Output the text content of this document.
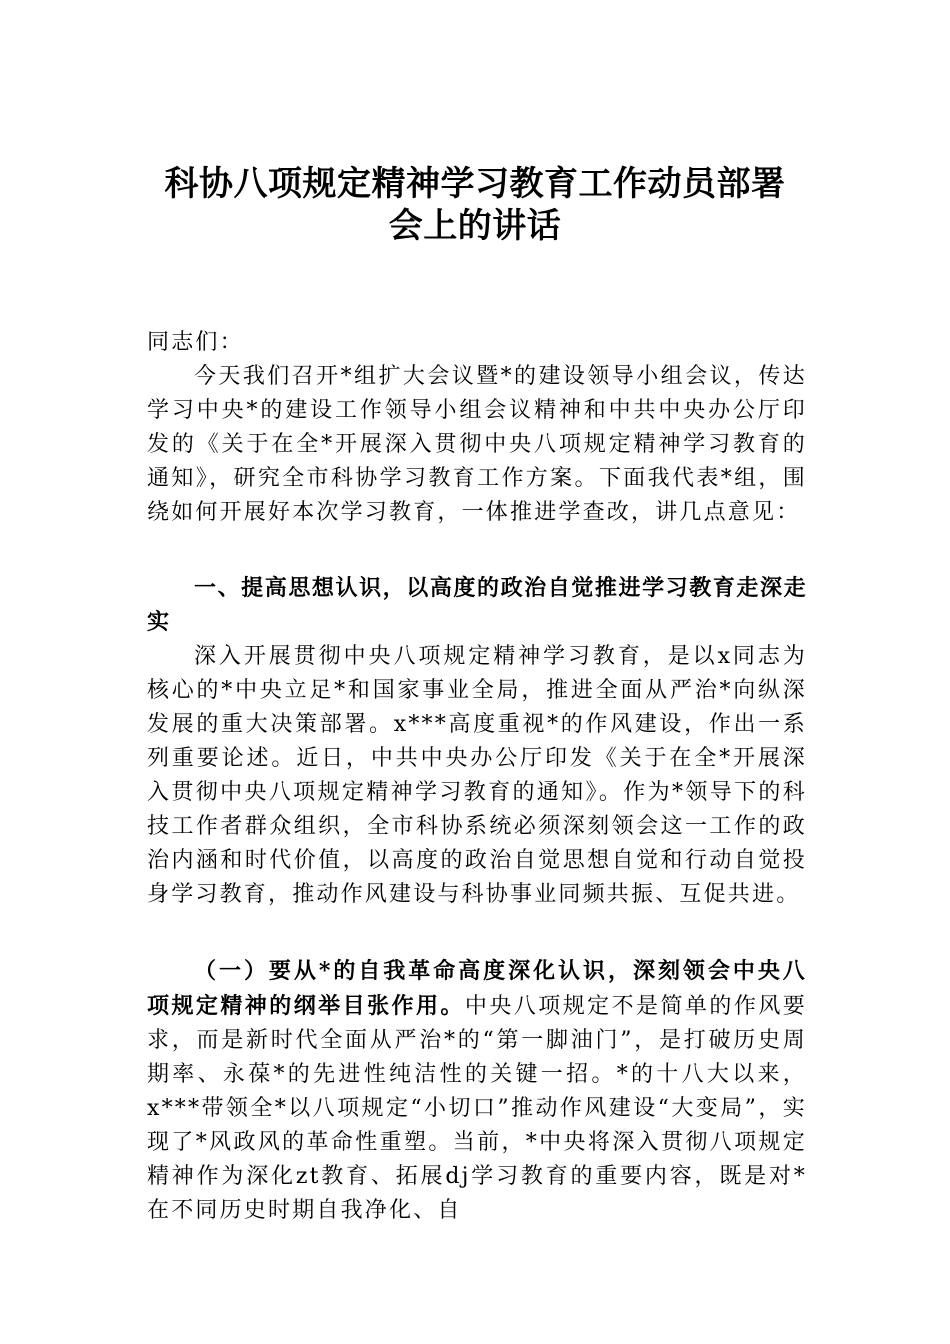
科协八项规定精神学习教育工作动员部署
会上的讲话
同志们：
今天我们召开*组扩大会议暨*的建设领导小组会议，传达学习中央*的建设工作领导小组会议精神和中共中央办公厅印发的《关于在全*开展深入贯彻中央八项规定精神学习教育的通知》，研究全市科协学习教育工作方案。下面我代表*组，围绕如何开展好本次学习教育，一体推进学查改，讲几点意见：
一、提高思想认识，以高度的政治自觉推进学习教育走深走实
深入开展贯彻中央八项规定精神学习教育，是以x同志为核心的*中央立足*和国家事业全局，推进全面从严治*向纵深发展的重大决策部署。x***高度重视*的作风建设，作出一系列重要论述。近日，中共中央办公厅印发《关于在全*开展深入贯彻中央八项规定精神学习教育的通知》。作为*领导下的科技工作者群众组织，全市科协系统必须深刻领会这一工作的政治内涵和时代价值，以高度的政治自觉思想自觉和行动自觉投身学习教育，推动作风建设与科协事业同频共振、互促共进。
（一）要从*的自我革命高度深化认识，深刻领会中央八项规定精神的纲举目张作用。中央八项规定不是简单的作风要求，而是新时代全面从严治*的“第一脚油门”，是打破历史周期率、永葆*的先进性纯洁性的关键一招。*的十八大以来，x***带领全*以八项规定“小切口”推动作风建设“大变局”，实现了*风政风的革命性重塑。当前，*中央将深入贯彻八项规定精神作为深化zt教育、拓展dj学习教育的重要内容，既是对*在不同历史时期自我净化、自
